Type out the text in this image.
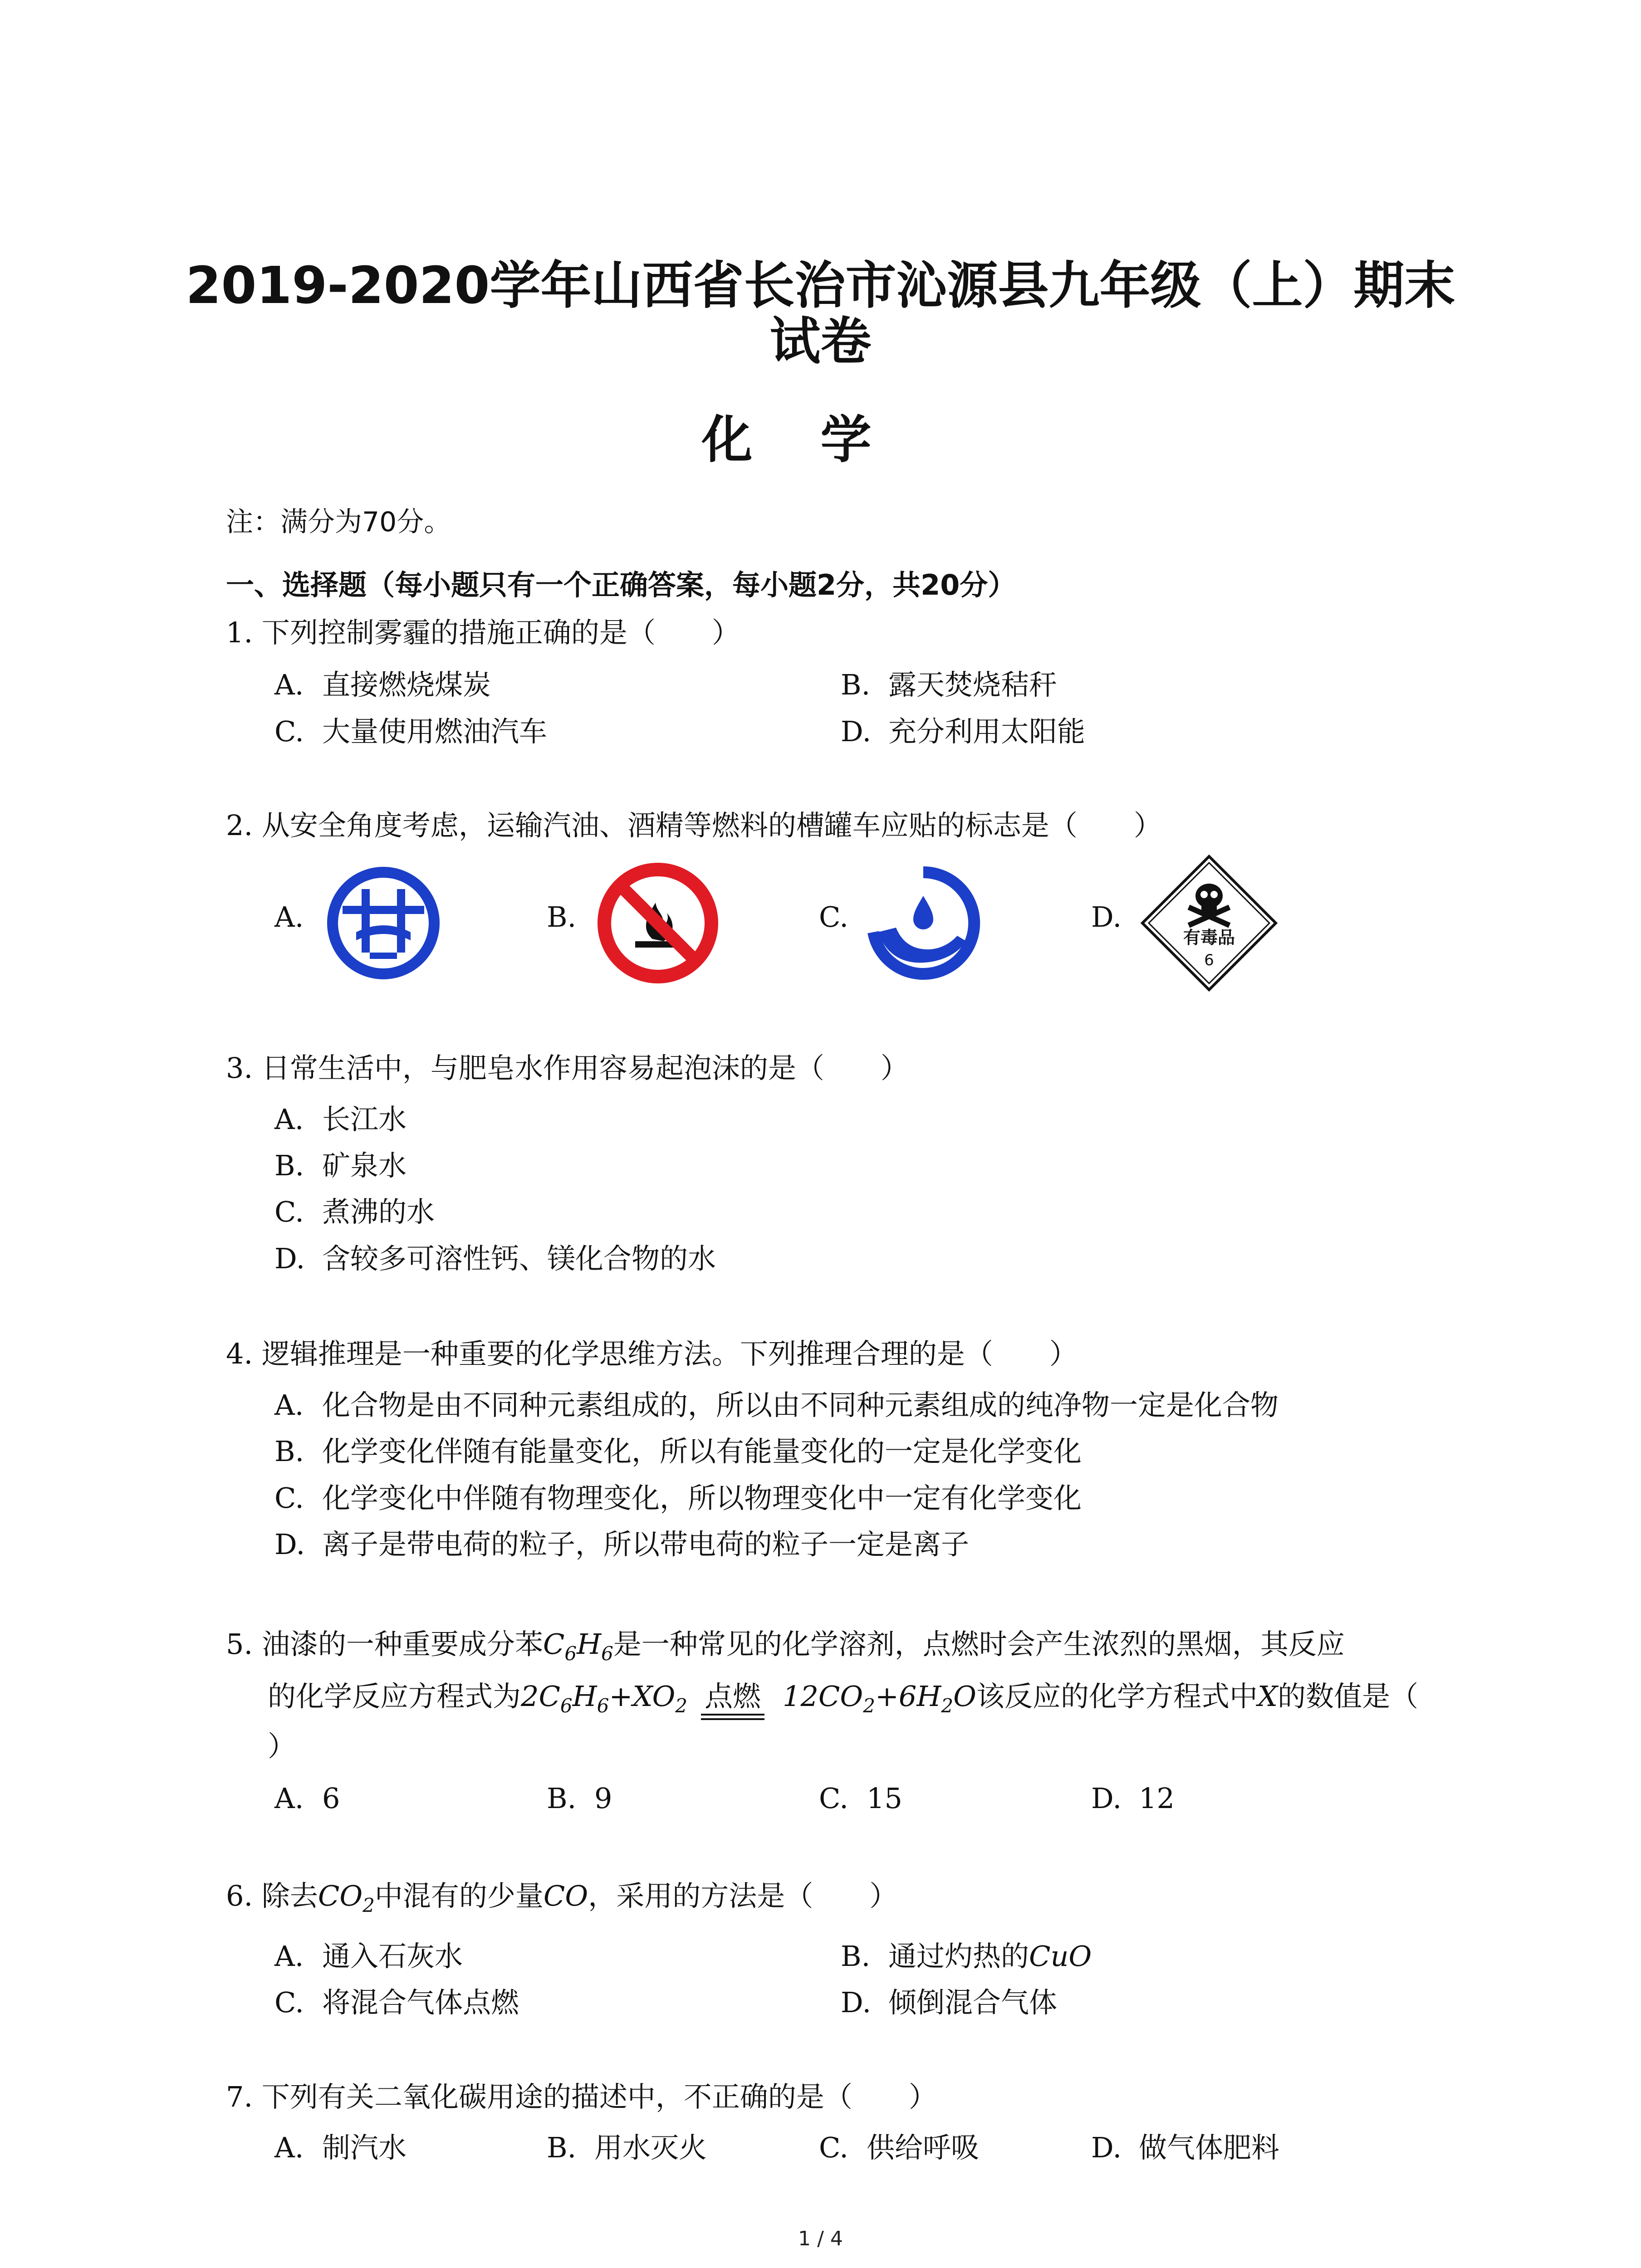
2019-2020学年山西省长治市沁源县九年级（上）期末
试卷
化学
注：满分为70分。
一、选择题（每小题只有一个正确答案，每小题2分，共20分）
1. 下列控制雾霾的措施正确的是（　　）
A. 直接燃烧煤炭	B. 露天焚烧秸秆
C. 大量使用燃油汽车	D. 充分利用太阳能
2. 从安全角度考虑，运输汽油、酒精等燃料的槽罐车应贴的标志是（　　）
A.	B.	C.	D.
有毒品
6
3. 日常生活中，与肥皂水作用容易起泡沫的是（　　）
A. 长江水
B. 矿泉水
C. 煮沸的水
D. 含较多可溶性钙、镁化合物的水
4. 逻辑推理是一种重要的化学思维方法。下列推理合理的是（　　）
A. 化合物是由不同种元素组成的，所以由不同种元素组成的纯净物一定是化合物
B. 化学变化伴随有能量变化，所以有能量变化的一定是化学变化
C. 化学变化中伴随有物理变化，所以物理变化中一定有化学变化
D. 离子是带电荷的粒子，所以带电荷的粒子一定是离子
5. 油漆的一种重要成分苯$C_6H_6$是一种常见的化学溶剂，点燃时会产生浓烈的黑烟，其反应
的化学反应方程式为$2C_6H_6+XO_2$ 点燃 $12CO_2+6H_2O$该反应的化学方程式中X的数值是（
）
A. 6	B. 9	C. 15	D. 12
6. 除去$CO_2$中混有的少量CO，采用的方法是（　　）
A. 通入石灰水	B. 通过灼热的CuO
C. 将混合气体点燃	D. 倾倒混合气体
7. 下列有关二氧化碳用途的描述中，不正确的是（　　）
A. 制汽水	B. 用水灭火	C. 供给呼吸	D. 做气体肥料
1 / 4
